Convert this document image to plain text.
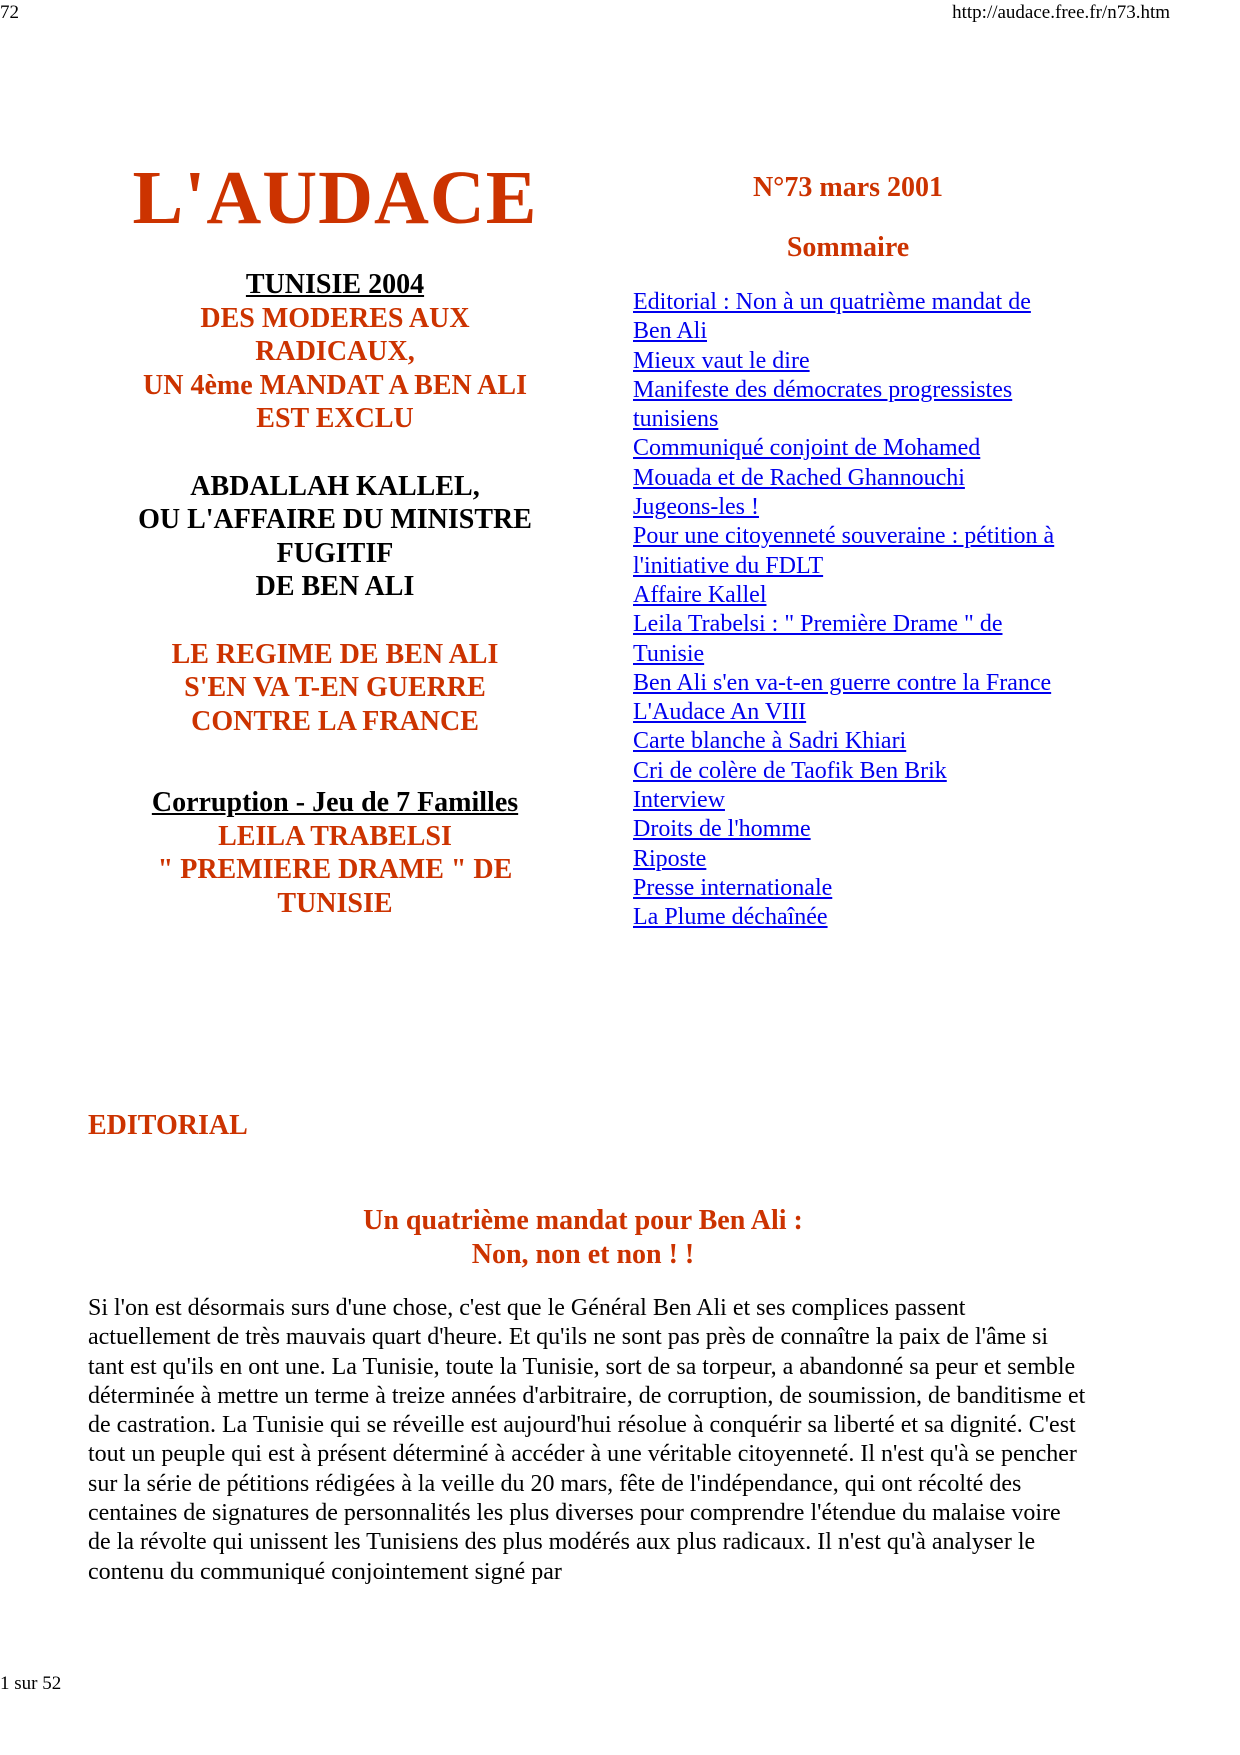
72	http://audace.free.fr/n73.htm
L'AUDACE
TUNISIE 2004
DES MODERES AUX
RADICAUX,
UN 4ème MANDAT A BEN ALI
EST EXCLU
ABDALLAH KALLEL,
OU L'AFFAIRE DU MINISTRE
FUGITIF
DE BEN ALI
LE REGIME DE BEN ALI
S'EN VA T-EN GUERRE
CONTRE LA FRANCE
Corruption - Jeu de 7 Familles
LEILA TRABELSI
" PREMIERE DRAME " DE
TUNISIE
N°73 mars 2001
Sommaire
Editorial : Non à un quatrième mandat de Ben Ali
Mieux vaut le dire
Manifeste des démocrates progressistes tunisiens
Communiqué conjoint de Mohamed Mouada et de Rached Ghannouchi
Jugeons-les !
Pour une citoyenneté souveraine : pétition à l'initiative du FDLT
Affaire Kallel
Leila Trabelsi : " Première Drame " de Tunisie
Ben Ali s'en va-t-en guerre contre la France
L'Audace An VIII
Carte blanche à Sadri Khiari
Cri de colère de Taofik Ben Brik
Interview
Droits de l'homme
Riposte
Presse internationale
La Plume déchaînée
EDITORIAL
Un quatrième mandat pour Ben Ali :
Non, non et non ! !

Si l'on est désormais surs d'une chose, c'est que le Général Ben Ali et ses complices passent actuellement de très mauvais quart d'heure. Et qu'ils ne sont pas près de connaître la paix de l'âme si tant est qu'ils en ont une. La Tunisie, toute la Tunisie, sort de sa torpeur, a abandonné sa peur et semble déterminée à mettre un terme à treize années d'arbitraire, de corruption, de soumission, de banditisme et de castration. La Tunisie qui se réveille est aujourd'hui résolue à conquérir sa liberté et sa dignité. C'est tout un peuple qui est à présent déterminé à accéder à une véritable citoyenneté. Il n'est qu'à se pencher sur la série de pétitions rédigées à la veille du 20 mars, fête de l'indépendance, qui ont récolté des centaines de signatures de personnalités les plus diverses pour comprendre l'étendue du malaise voire de la révolte qui unissent les Tunisiens des plus modérés aux plus radicaux. Il n'est qu'à analyser le contenu du communiqué conjointement signé par

1 sur 52
